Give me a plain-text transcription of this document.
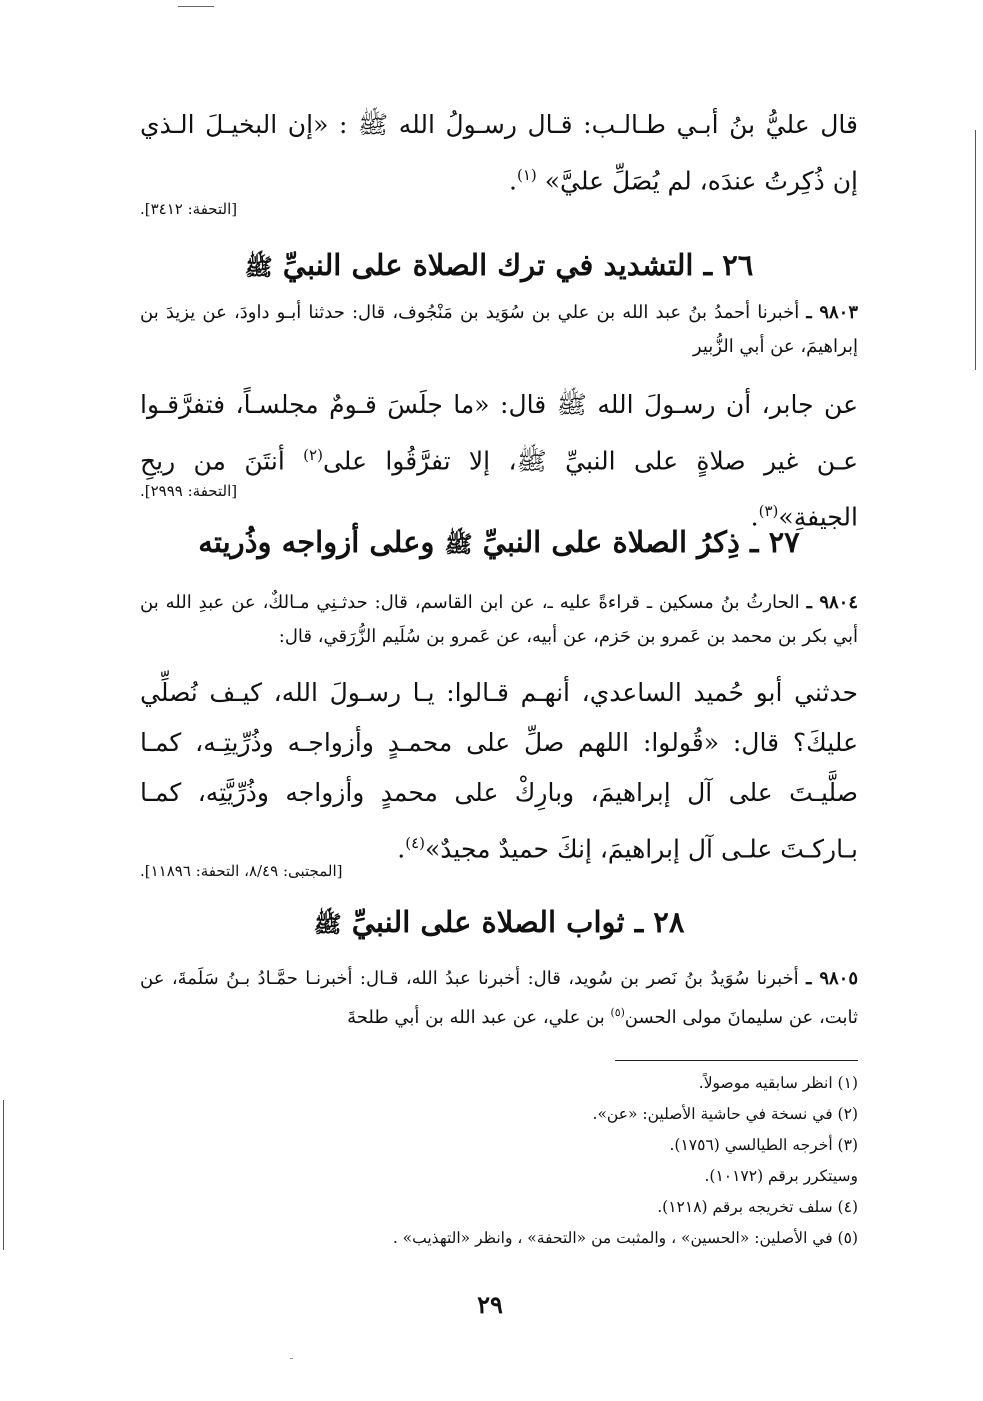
قال عليُّ بنُ أبـي طـالـب: قـال رسـولُ الله ﷺ : «إن البخيـلَ الـذي إن ذُكِرتُ عندَه، لم يُصَلِّ عليَّ» $^{(١)}$.
[التحفة: ٣٤١٢].
٢٦ ـ التشديد في ترك الصلاة على النبيِّ ﷺ
٩٨٠٣ ـ أخبرنا أحمدُ بنُ عبد الله بن علي بن سُوَيد بن مَنْجُوف، قال: حدثنا أبـو داودَ، عن يزيدَ بن إبراهيمَ، عن أبي الزُّبير
عن جابر، أن رسـولَ الله ﷺ قال: «ما جلَسَ قـومٌ مجلسـاً، فتفرَّقـوا عـن غير صلاةٍ على النبيِّ ﷺ، إلا تفرَّقُوا على$^{(٢)}$ أنتَنَ من ريحِ الجيفةِ»$^{(٣)}$.
[التحفة: ٢٩٩٩].
٢٧ ـ ذِكرُ الصلاة على النبيِّ ﷺ وعلى أزواجه وذُريته
٩٨٠٤ ـ الحارثُ بنُ مسكين ـ قراءةً عليه ـ، عن ابن القاسم، قال: حدثـنِي مـالكٌ، عن عبدِ الله بن أبي بكر بن محمد بن عَمرو بن حَزم، عن أبيه، عن عَمرو بن سُلَيم الزُّرَقي، قال:
حدثني أبو حُميد الساعدي، أنهـم قـالوا: يـا رسـولَ الله، كيـف نُصلِّي عليكَ؟ قال: «قُولوا: اللهم صلِّ على محمـدٍ وأزواجـه وذُرِّيتِـه، كمـا صلَّيـتَ على آل إبراهيمَ، وبارِكْ على محمدٍ وأزواجه وذُرِّيَّتِه، كمـا بـاركـتَ علـى آل إبراهيمَ، إنكَ حميدٌ مجيدٌ»$^{(٤)}$.
[المجتبى: ٨/٤٩، التحفة: ١١٨٩٦].
٢٨ ـ ثواب الصلاة على النبيِّ ﷺ
٩٨٠٥ ـ أخبرنا سُوَيدُ بنُ نَصر بن سُويد، قال: أخبرنا عبدُ الله، قـال: أخبرنـا حمَّـادُ بـنُ سَلَمةَ، عن ثابت، عن سليمانَ مولى الحسن$^{(٥)}$ بن علي، عن عبد الله بن أبي طلحةَ
(١) انظر سابقيه موصولاً.
(٢) في نسخة في حاشية الأصلين: «عن».
(٣) أخرجه الطيالسي (١٧٥٦).
وسيتكرر برقم (١٠١٧٢).
(٤) سلف تخريجه برقم (١٢١٨).
(٥) في الأصلين: «الحسين» ، والمثبت من «التحفة» ، وانظر «التهذيب» .
٢٩
